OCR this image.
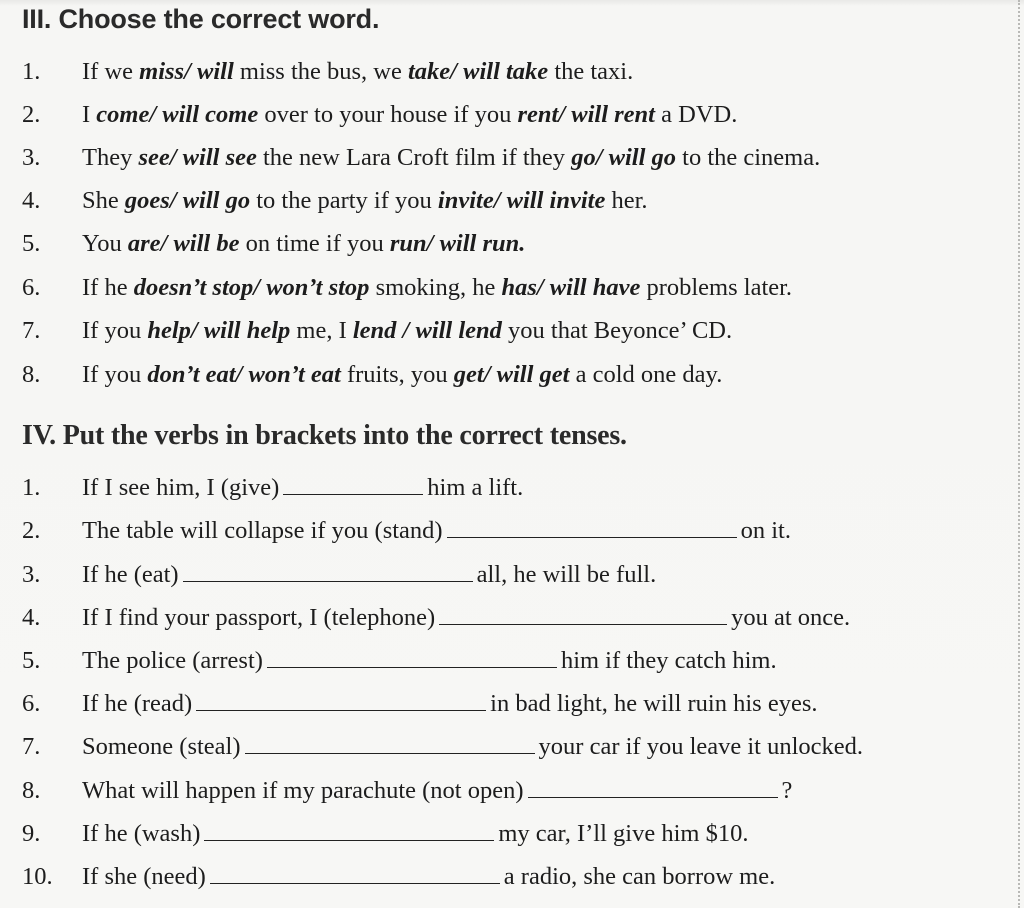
III. Choose the correct word.
1.	If we miss/ will miss the bus, we take/ will take the taxi.
2.	I come/ will come over to your house if you rent/ will rent a DVD.
3.	They see/ will see the new Lara Croft film if they go/ will go to the cinema.
4.	She goes/ will go to the party if you invite/ will invite her.
5.	You are/ will be on time if you run/ will run.
6.	If he doesn’t stop/ won’t stop smoking, he has/ will have problems later.
7.	If you help/ will help me, I lend / will lend you that Beyonce’ CD.
8.	If you don’t eat/ won’t eat fruits, you get/ will get a cold one day.
IV. Put the verbs in brackets into the correct tenses.
1.	If I see him, I (give)	him a lift.
2.	The table will collapse if you (stand)	on it.
3.	If he (eat)	all, he will be full.
4.	If I find your passport, I (telephone)	you at once.
5.	The police (arrest)	him if they catch him.
6.	If he (read)	in bad light, he will ruin his eyes.
7.	Someone (steal)	your car if you leave it unlocked.
8.	What will happen if my parachute (not open)	?
9.	If he (wash)	my car, I’ll give him $10.
10.	If she (need)	a radio, she can borrow me.
